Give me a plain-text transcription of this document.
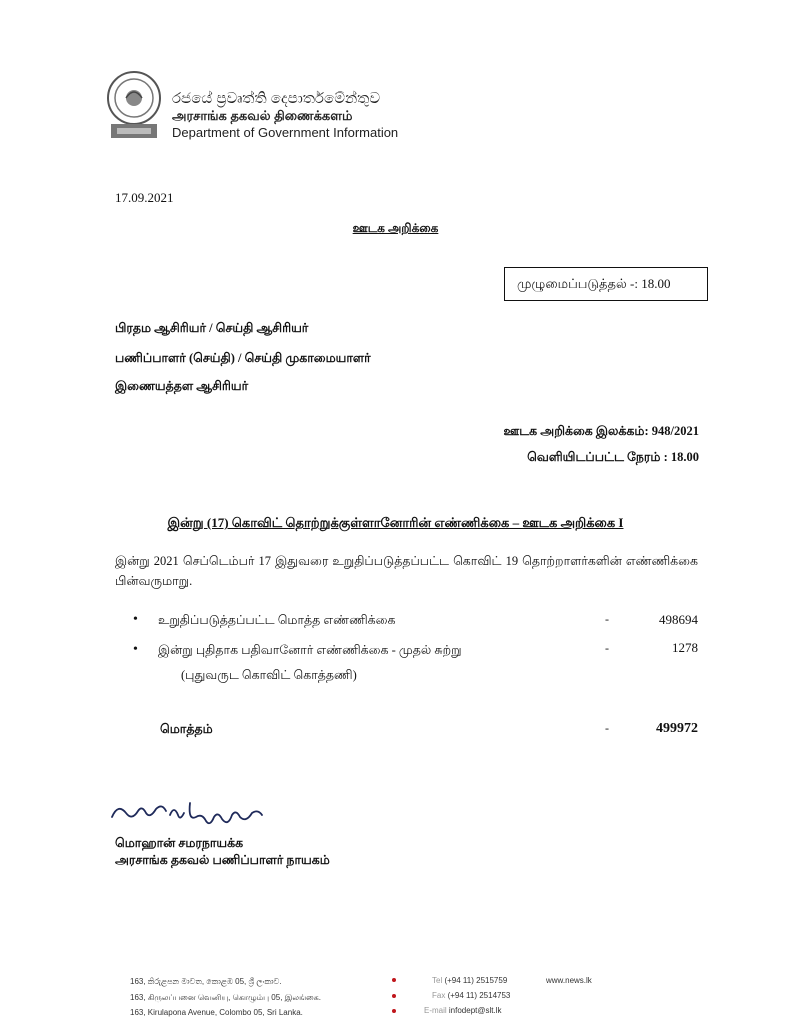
රජයේ ප්‍රවෘත්ති දෙපාර්තමේන්තුව
அரசாங்க தகவல் திணைக்களம்
Department of Government Information
17.09.2021
ஊடக அறிக்கை
முழுமைப்படுத்தல் -: 18.00
பிரதம ஆசிரியர் / செய்தி ஆசிரியர்
பணிப்பாளர் (செய்தி) / செய்தி முகாமையாளர்
இணையத்தள ஆசிரியர்
ஊடக அறிக்கை இலக்கம்: 948/2021
வெளியிடப்பட்ட நேரம் : 18.00
இன்று (17) கொவிட் தொற்றுக்குள்ளானோரின் எண்ணிக்கை – ஊடக அறிக்கை I
இன்று 2021 செப்டெம்பர் 17 இதுவரை உறுதிப்படுத்தப்பட்ட கொவிட் 19 தொற்றாளர்களின் எண்ணிக்கை பின்வருமாறு.
• உறுதிப்படுத்தப்பட்ட மொத்த எண்ணிக்கை	-	498694
• இன்று புதிதாக பதிவானோர் எண்ணிக்கை - முதல் சுற்று
(புதுவருட கொவிட் கொத்தணி)
-	1278
மொத்தம்	-	499972
மொஹான் சமரநாயக்க
அரசாங்க தகவல் பணிப்பாளர் நாயகம்
163, කිරුළපන මාවත, කොළඹ 05, ශ්‍රී ලංකාව.
163, கிருலப்பனை வெனியு, கொழும்பு 05, இலங்கை.
163, Kirulapona Avenue, Colombo 05, Sri Lanka.
Tel (+94 11) 2515759
Fax (+94 11) 2514753
E-mail infodept@slt.lk
www.news.lk
